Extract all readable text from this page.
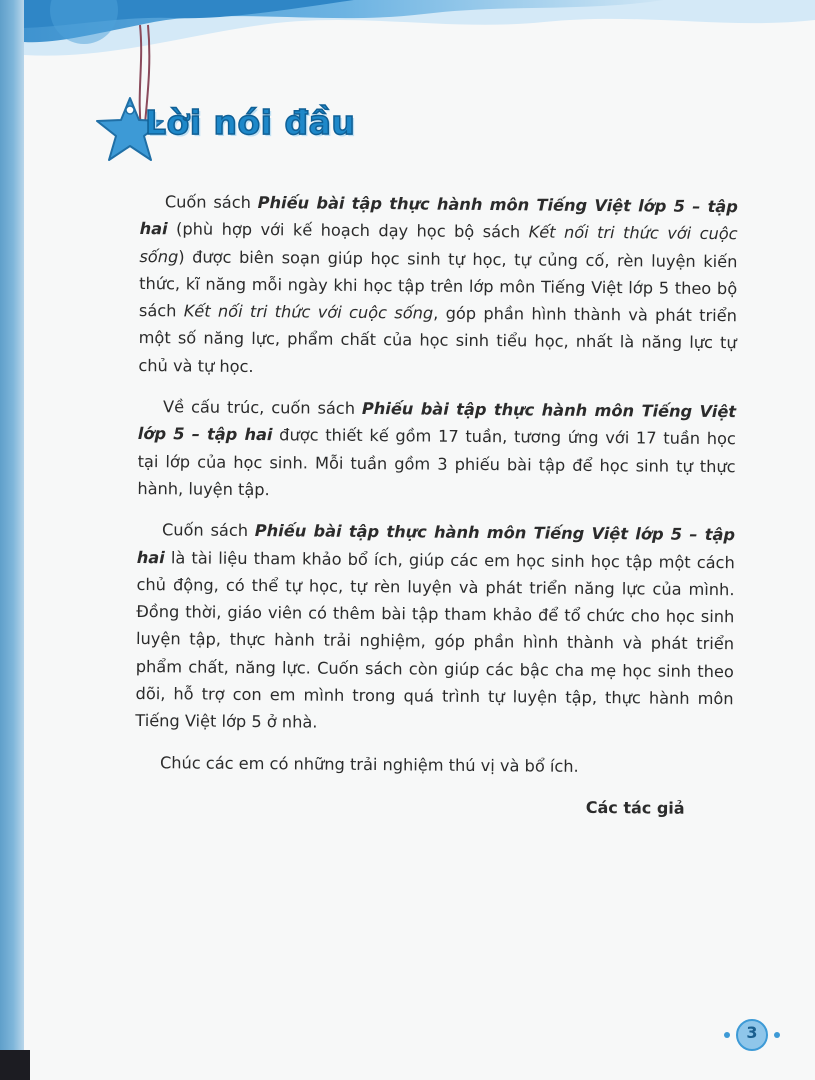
Lời nói đầu

Cuốn sách Phiếu bài tập thực hành môn Tiếng Việt lớp 5 – tập hai (phù hợp với kế hoạch dạy học bộ sách Kết nối tri thức với cuộc sống) được biên soạn giúp học sinh tự học, tự củng cố, rèn luyện kiến thức, kĩ năng mỗi ngày khi học tập trên lớp môn Tiếng Việt lớp 5 theo bộ sách Kết nối tri thức với cuộc sống, góp phần hình thành và phát triển một số năng lực, phẩm chất của học sinh tiểu học, nhất là năng lực tự chủ và tự học.

Về cấu trúc, cuốn sách Phiếu bài tập thực hành môn Tiếng Việt lớp 5 – tập hai được thiết kế gồm 17 tuần, tương ứng với 17 tuần học tại lớp của học sinh. Mỗi tuần gồm 3 phiếu bài tập để học sinh tự thực hành, luyện tập.

Cuốn sách Phiếu bài tập thực hành môn Tiếng Việt lớp 5 – tập hai là tài liệu tham khảo bổ ích, giúp các em học sinh học tập một cách chủ động, có thể tự học, tự rèn luyện và phát triển năng lực của mình. Đồng thời, giáo viên có thêm bài tập tham khảo để tổ chức cho học sinh luyện tập, thực hành trải nghiệm, góp phần hình thành và phát triển phẩm chất, năng lực. Cuốn sách còn giúp các bậc cha mẹ học sinh theo dõi, hỗ trợ con em mình trong quá trình tự luyện tập, thực hành môn Tiếng Việt lớp 5 ở nhà.

Chúc các em có những trải nghiệm thú vị và bổ ích.

Các tác giả
3
